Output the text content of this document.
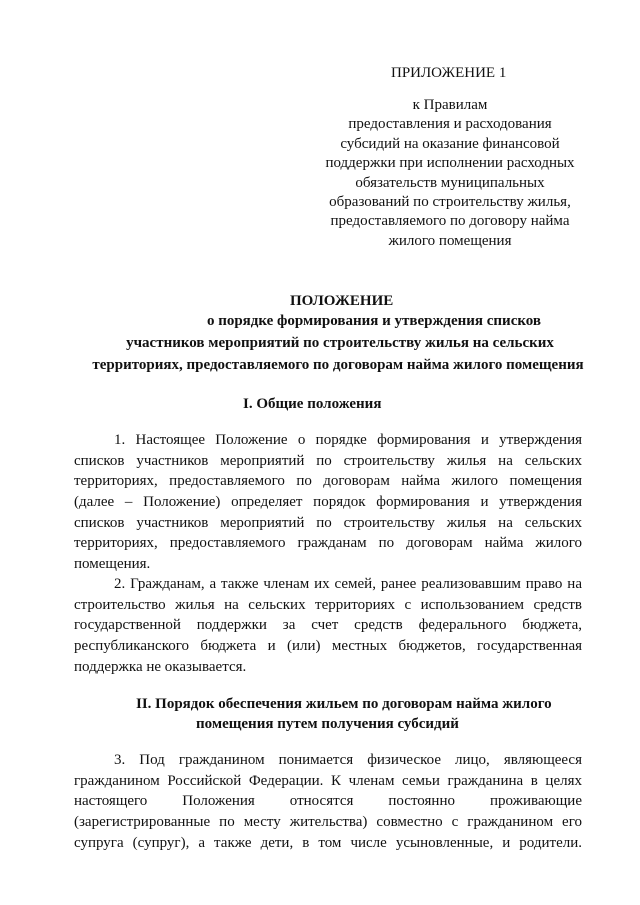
ПРИЛОЖЕНИЕ 1
к Правилам
предоставления и расходования
субсидий на оказание финансовой
поддержки при исполнении расходных
обязательств муниципальных
образований по строительству жилья,
предоставляемого по договору найма
жилого помещения
ПОЛОЖЕНИЕ
о порядке формирования и утверждения списков
участников мероприятий по строительству жилья на сельских
территориях, предоставляемого по договорам найма жилого помещения
I. Общие положения
1. Настоящее Положение о порядке формирования и утверждения
списков участников мероприятий по строительству жилья на сельских
территориях, предоставляемого по договорам найма жилого помещения
(далее – Положение) определяет порядок формирования и утверждения
списков участников мероприятий по строительству жилья на сельских
территориях, предоставляемого гражданам по договорам найма жилого
помещения.
2. Гражданам, а также членам их семей, ранее реализовавшим право на
строительство жилья на сельских территориях с использованием средств
государственной поддержки за счет средств федерального бюджета,
республиканского бюджета и (или) местных бюджетов, государственная
поддержка не оказывается.
II. Порядок обеспечения жильем по договорам найма жилого
помещения путем получения субсидий
3. Под гражданином понимается физическое лицо, являющееся
гражданином Российской Федерации. К членам семьи гражданина в целях
настоящего Положения относятся постоянно проживающие
(зарегистрированные по месту жительства) совместно с гражданином его
супруга (супруг), а также дети, в том числе усыновленные, и родители.
